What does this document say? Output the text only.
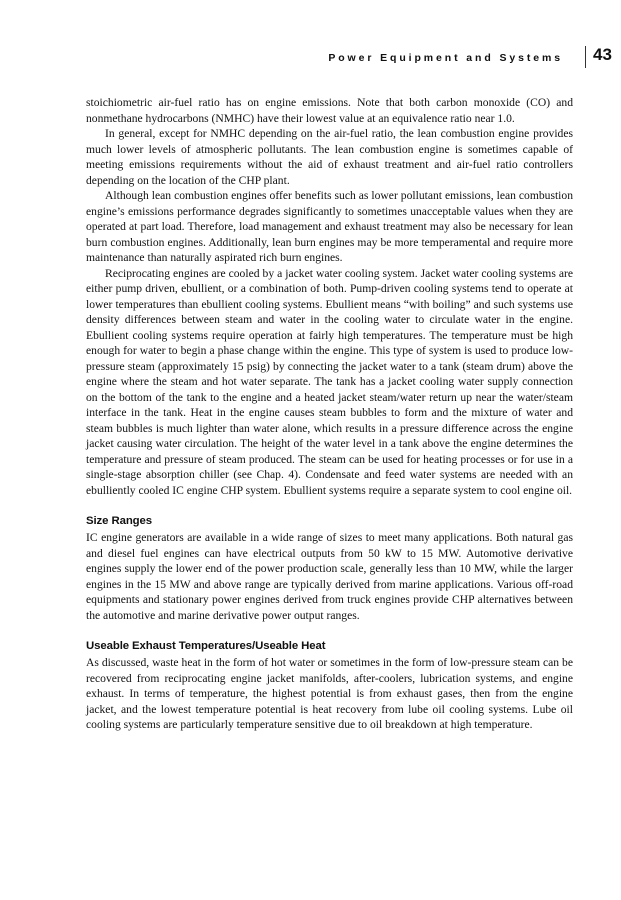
Power Equipment and Systems 43

stoichiometric air-fuel ratio has on engine emissions. Note that both carbon monoxide (CO) and nonmethane hydrocarbons (NMHC) have their lowest value at an equivalence ratio near 1.0.

In general, except for NMHC depending on the air-fuel ratio, the lean combustion engine provides much lower levels of atmospheric pollutants. The lean combustion engine is sometimes capable of meeting emissions requirements without the aid of exhaust treatment and air-fuel ratio controllers depending on the location of the CHP plant.

Although lean combustion engines offer benefits such as lower pollutant emissions, lean combustion engine’s emissions performance degrades significantly to sometimes unacceptable values when they are operated at part load. Therefore, load management and exhaust treatment may also be necessary for lean burn combustion engines. Additionally, lean burn engines may be more temperamental and require more maintenance than naturally aspirated rich burn engines.

Reciprocating engines are cooled by a jacket water cooling system. Jacket water cooling systems are either pump driven, ebullient, or a combination of both. Pump-driven cooling systems tend to operate at lower temperatures than ebullient cooling systems. Ebullient means “with boiling” and such systems use density differences between steam and water in the cooling water to circulate water in the engine. Ebullient cooling systems require operation at fairly high temperatures. The temperature must be high enough for water to begin a phase change within the engine. This type of system is used to produce low-pressure steam (approximately 15 psig) by connecting the jacket water to a tank (steam drum) above the engine where the steam and hot water separate. The tank has a jacket cooling water supply connection on the bottom of the tank to the engine and a heated jacket steam/water return up near the water/steam interface in the tank. Heat in the engine causes steam bubbles to form and the mixture of water and steam bubbles is much lighter than water alone, which results in a pressure difference across the engine jacket causing water circulation. The height of the water level in a tank above the engine determines the temperature and pressure of steam produced. The steam can be used for heating processes or for use in a single-stage absorption chiller (see Chap. 4). Condensate and feed water systems are needed with an ebulliently cooled IC engine CHP system. Ebullient systems require a separate system to cool engine oil.

Size Ranges

IC engine generators are available in a wide range of sizes to meet many applications. Both natural gas and diesel fuel engines can have electrical outputs from 50 kW to 15 MW. Automotive derivative engines supply the lower end of the power production scale, generally less than 10 MW, while the larger engines in the 15 MW and above range are typically derived from marine applications. Various off-road equipments and stationary power engines derived from truck engines provide CHP alternatives between the automotive and marine derivative power output ranges.

Useable Exhaust Temperatures/Useable Heat

As discussed, waste heat in the form of hot water or sometimes in the form of low-pressure steam can be recovered from reciprocating engine jacket manifolds, after-coolers, lubrication systems, and engine exhaust. In terms of temperature, the highest potential is from exhaust gases, then from the engine jacket, and the lowest temperature potential is heat recovery from lube oil cooling systems. Lube oil cooling systems are particularly temperature sensitive due to oil breakdown at high temperature.
